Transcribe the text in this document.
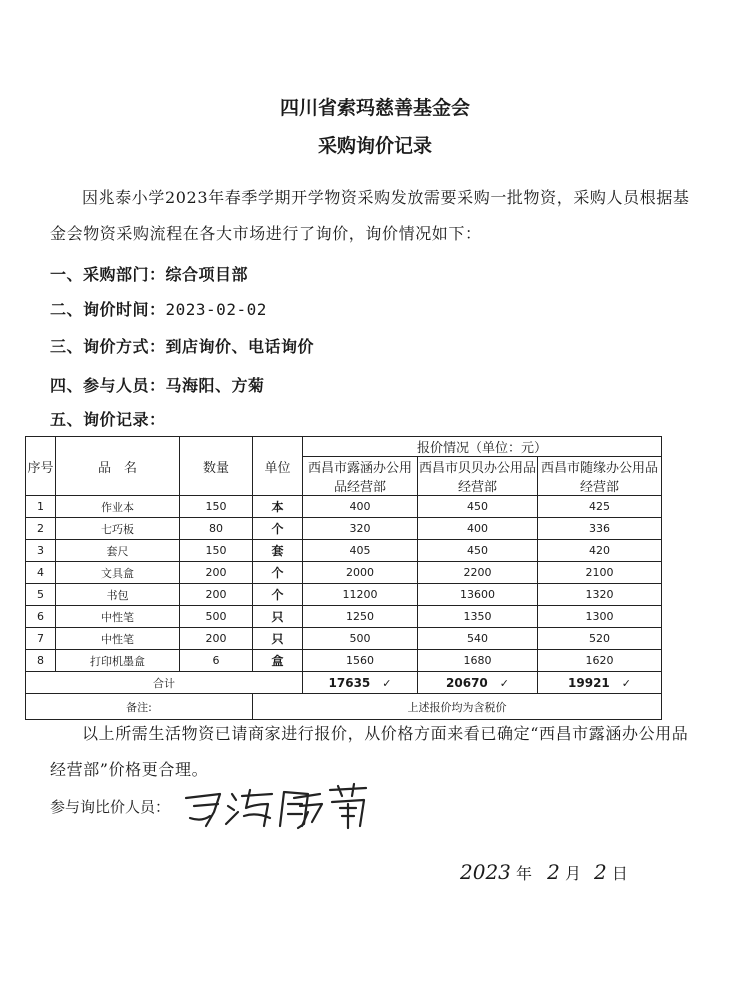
四川省索玛慈善基金会
采购询价记录
因兆泰小学2023年春季学期开学物资采购发放需要采购一批物资，采购人员根据基金会物资采购流程在各大市场进行了询价，询价情况如下：
一、采购部门：综合项目部
二、询价时间：2023-02-02
三、询价方式：到店询价、电话询价
四、参与人员：马海阳、方菊
五、询价记录：
序号	品　名	数量	单位	报价情况（单位：元）		
				西昌市露涵办公用品经营部	西昌市贝贝办公用品经营部	西昌市随缘办公用品经营部
1	作业本	150	本	400	450	425
2	七巧板	80	个	320	400	336
3	套尺	150	套	405	450	420
4	文具盒	200	个	2000	2200	2100
5	书包	200	个	11200	13600	1320
6	中性笔	500	只	1250	1350	1300
7	中性笔	200	只	500	540	520
8	打印机墨盒	6	盒	1560	1680	1620
合计				17635 ✓	20670 ✓	19921 ✓
备注:			上述报价均为含税价			
以上所需生活物资已请商家进行报价，从价格方面来看已确定“西昌市露涵办公用品经营部”价格更合理。
参与询比价人员：
2023 年 2 月 2 日
